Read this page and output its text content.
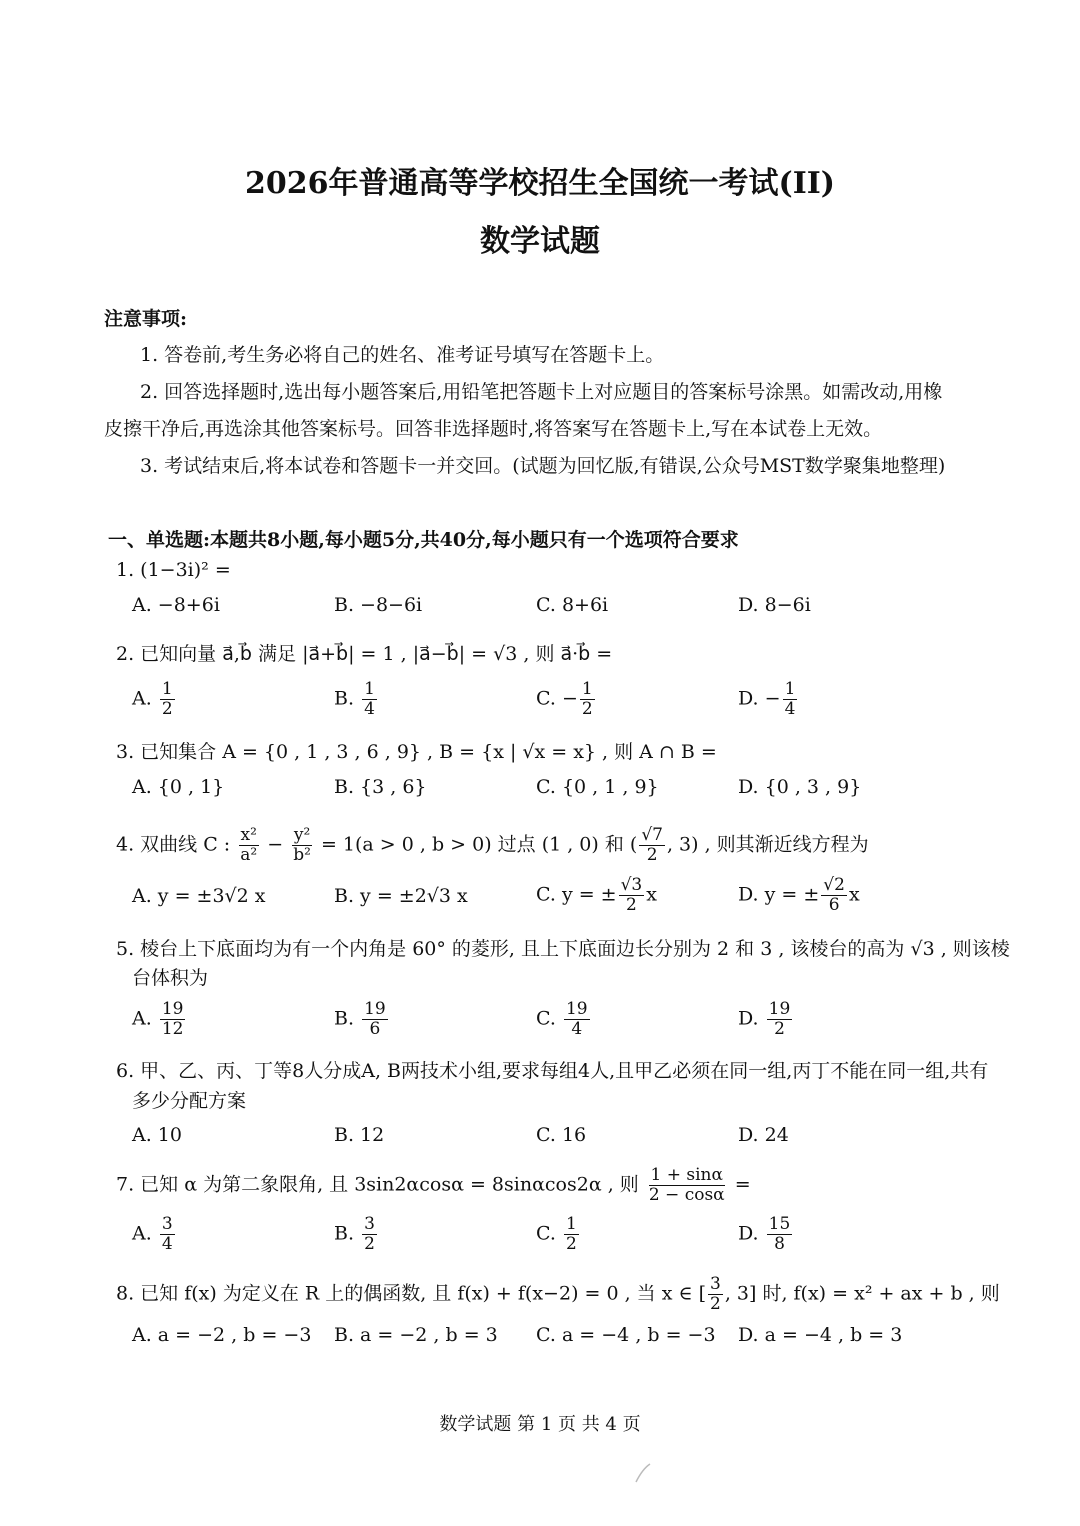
2026年普通高等学校招生全国统一考试(II)
数学试题
注意事项:
1. 答卷前,考生务必将自己的姓名、准考证号填写在答题卡上。
2. 回答选择题时,选出每小题答案后,用铅笔把答题卡上对应题目的答案标号涂黑。如需改动,用橡
皮擦干净后,再选涂其他答案标号。回答非选择题时,将答案写在答题卡上,写在本试卷上无效。
3. 考试结束后,将本试卷和答题卡一并交回。(试题为回忆版,有错误,公众号MST数学聚集地整理)
一、单选题:本题共8小题,每小题5分,共40分,每小题只有一个选项符合要求
1. (1−3i)² =
A. −8+6i	B. −8−6i	C. 8+6i	D. 8−6i
2. 已知向量 a⃗,b⃗ 满足 |a⃗+b⃗| = 1 , |a⃗−b⃗| = √3 , 则 a⃗·b⃗ =
A. $\frac{1}{2}$	B. $\frac{1}{4}$	C. − $\frac{1}{2}$	D. − $\frac{1}{4}$
3. 已知集合 A = {0 , 1 , 3 , 6 , 9} , B = {x | √x = x} , 则 A ∩ B =
A. {0 , 1}	B. {3 , 6}	C. {0 , 1 , 9}	D. {0 , 3 , 9}
4. 双曲线 C : $\frac{\text{x²}}{\text{a²}} - \frac{\text{y²}}{\text{b²}} = 1(a > 0$ , b > 0) 过点 (1 , 0) 和 ( $\frac{√7}{2}$ , 3) , 则其渐近线方程为
A. y = ±3√2 x	B. y = ±2√3 x	C. y = ± $\frac{√3}{2}$ x	D. y = ± $\frac{√2}{6}$ x
5. 棱台上下底面均为有一个内角是 60° 的菱形, 且上下底面边长分别为 2 和 3 , 该棱台的高为 √3 , 则该棱
台体积为
A. $\frac{19}{12}$	B. $\frac{19}{6}$	C. $\frac{19}{4}$	D. $\frac{19}{2}$
6. 甲、乙、丙、丁等8人分成A, B两技术小组,要求每组4人,且甲乙必须在同一组,丙丁不能在同一组,共有
多少分配方案
A. 10	B. 12	C. 16	D. 24
7. 已知 α 为第二象限角, 且 3sin2αcosα = 8sinαcos2α , 则 $\frac{1 + \sin\alpha}{2 - \cos\alpha}$ =
A. $\frac{3}{4}$	B. $\frac{3}{2}$	C. $\frac{1}{2}$	D. $\frac{15}{8}$
8. 已知 f(x) 为定义在 R 上的偶函数, 且 f(x) + f(x−2) = 0 , 当 x ∈ [ $\frac{3}{2}$ , 3] 时, f(x) = x² + ax + b , 则
A. a = −2 , b = −3 B. a = −2 , b = 3 C. a = −4 , b = −3 D. a = −4 , b = 3
数学试题 第 1 页 共 4 页
